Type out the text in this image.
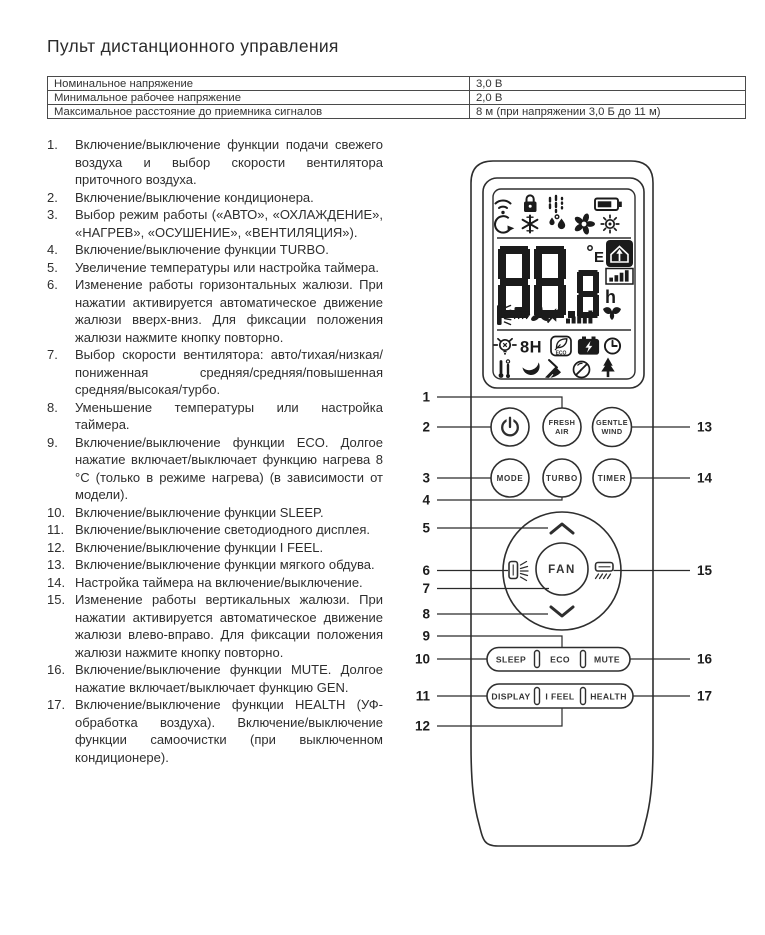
Пульт дистанционного управления
Номинальное напряжение	3,0 В
Минимальное рабочее напряжение	2,0 В
Максимальное расстояние до приемника сигналов	8 м (при напряжении 3,0 Б до 11 м)
1.	Включение/выключение функции подачи свежего воздуха и выбор скорости вентилятора приточного воздуха.
2.	Включение/выключение кондиционера.
3.	Выбор режим работы («АВТО», «ОХЛАЖДЕНИЕ», «НАГРЕВ», «ОСУШЕНИЕ», «ВЕНТИЛЯЦИЯ»).
4.	Включение/выключение функции TURBO.
5.	Увеличение температуры или настройка таймера.
6.	Изменение работы горизонтальных жалюзи. При нажатии активируется автоматическое движение жалюзи вверх-вниз. Для фиксации положения жалюзи нажмите кнопку повторно.
7.	Выбор скорости вентилятора: авто/тихая/низкая/пониженная средняя/средняя/повышенная средняя/высокая/турбо.
8.	Уменьшение температуры или настройка таймера.
9.	Включение/выключение функции ECO. Долгое нажатие включает/выключает функцию нагрева 8 °C (только в режиме нагрева) (в зависимости от модели).
10. Включение/выключение функции SLEEP.
11. Включение/выключение светодиодного дисплея.
12. Включение/выключение функции I FEEL.
13. Включение/выключение функции мягкого обдува.
14. Настройка таймера на включение/выключение.
15. Изменение работы вертикальных жалюзи. При нажатии активируется автоматическое движение жалюзи влево-вправо. Для фиксации положения жалюзи нажмите кнопку повторно.
16. Включение/выключение функции MUTE. Долгое нажатие включает/выключает функцию GEN.
17. Включение/выключение функции HEALTH (УФ-обработка воздуха). Включение/выключение функции самоочистки (при выключенном кондиционере).
E
h
8H	ECO
FRESH
AIR
GENTLE
WIND
MODE	TURBO TIMER
FAN
SLEEP	ECO	MUTE
DISPLAY I FEEL HEALTH
1
2
3
4
5
6
7
8
9
10
11
12
13
14
15
16
17
